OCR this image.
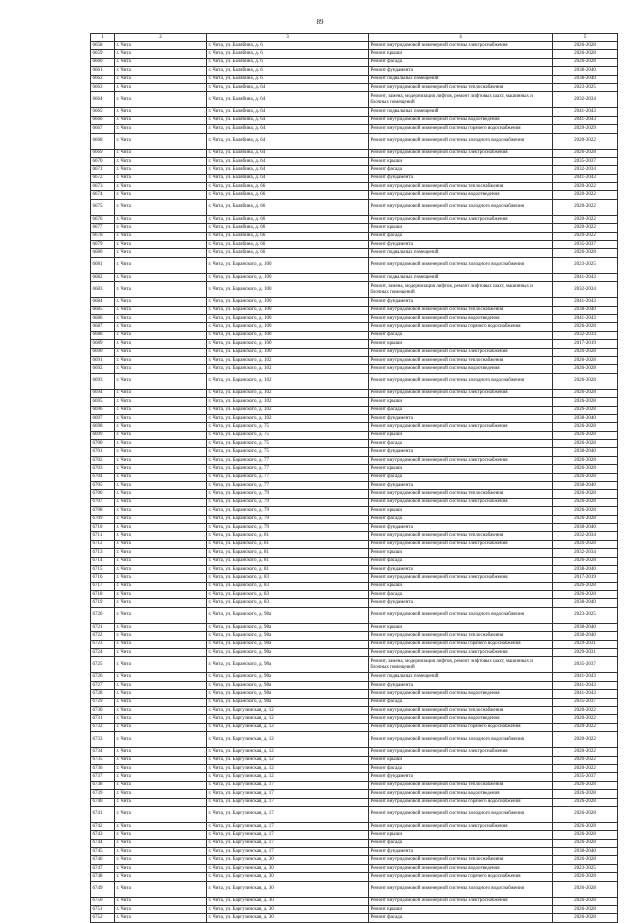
89
1	2	3	4	5
6658	г. Чита	г. Чита, ул. Балябина, д. 6	Ремонт внутридомовой инженерной системы электроснабжения	2026-2028
6659	г. Чита	г. Чита, ул. Балябина, д. 6	Ремонт крыши	2026-2028
6660	г. Чита	г. Чита, ул. Балябина, д. 6	Ремонт фасада	2026-2028
6661	г. Чита	г. Чита, ул. Балябина, д. 6	Ремонт фундамента	2038-2040
6662	г. Чита	г. Чита, ул. Балябина, д. 6	Ремонт подвальных помещений	2038-2040
6663	г. Чита	г. Чита, ул. Балябина, д. 64	Ремонт внутридомовой инженерной системы теплоснабжения	2023-2025
6664	г. Чита	г. Чита, ул. Балябина, д. 64	Ремонт, замена, модернизация лифтов, ремонт лифтовых шахт, машинных и блочных помещений	2032-2034
6665	г. Чита	г. Чита, ул. Балябина, д. 64	Ремонт подвальных помещений	2041-2043
6666	г. Чита	г. Чита, ул. Балябина, д. 64	Ремонт внутридомовой инженерной системы водоотведения	2041-2043
6667	г. Чита	г. Чита, ул. Балябина, д. 64	Ремонт внутридомовой инженерной системы горячего водоснабжения	2029-2029
6668	г. Чита	г. Чита, ул. Балябина, д. 64	Ремонт внутридомовой инженерной системы холодного водоснабжения	2020-2022
6669	г. Чита	г. Чита, ул. Балябина, д. 64	Ремонт внутридомовой инженерной системы электроснабжения	2026-2028
6670	г. Чита	г. Чита, ул. Балябина, д. 64	Ремонт крыши	2035-2037
6671	г. Чита	г. Чита, ул. Балябина, д. 64	Ремонт фасада	2032-2034
6672	г. Чита	г. Чита, ул. Балябина, д. 64	Ремонт фундамента	2041-2043
6673	г. Чита	г. Чита, ул. Балябина, д. 66	Ремонт внутридомовой инженерной системы теплоснабжения	2020-2022
6674	г. Чита	г. Чита, ул. Балябина, д. 66	Ремонт внутридомовой инженерной системы водоотведения	2020-2022
6675	г. Чита	г. Чита, ул. Балябина, д. 66	Ремонт внутридомовой инженерной системы холодного водоснабжения	2020-2022
6676	г. Чита	г. Чита, ул. Балябина, д. 66	Ремонт внутридомовой инженерной системы электроснабжения	2020-2022
6677	г. Чита	г. Чита, ул. Балябина, д. 66	Ремонт крыши	2020-2022
6678	г. Чита	г. Чита, ул. Балябина, д. 66	Ремонт фасада	2020-2022
6679	г. Чита	г. Чита, ул. Балябина, д. 66	Ремонт фундамента	2035-2037
6680	г. Чита	г. Чита, ул. Балябина, д. 66	Ремонт подвальных помещений	2026-2028
6681	г. Чита	г. Чита, ул. Баранского, д. 100	Ремонт внутридомовой инженерной системы холодного водоснабжения	2023-2025
6682	г. Чита	г. Чита, ул. Баранского, д. 100	Ремонт подвальных помещений	2041-2043
6683	г. Чита	г. Чита, ул. Баранского, д. 100	Ремонт, замена, модернизация лифтов, ремонт лифтовых шахт, машинных и блочных помещений	2032-2034
6684	г. Чита	г. Чита, ул. Баранского, д. 100	Ремонт фундамента	2041-2043
6685	г. Чита	г. Чита, ул. Баранского, д. 100	Ремонт внутридомовой инженерной системы теплоснабжения	2038-2040
6686	г. Чита	г. Чита, ул. Баранского, д. 100	Ремонт внутридомовой инженерной системы водоотведения	2041-2043
6687	г. Чита	г. Чита, ул. Баранского, д. 100	Ремонт внутридомовой инженерной системы горячего водоснабжения	2026-2028
6688	г. Чита	г. Чита, ул. Баранского, д. 100	Ремонт фасада	2032-2034
6689	г. Чита	г. Чита, ул. Баранского, д. 100	Ремонт крыши	2017-2019
6690	г. Чита	г. Чита, ул. Баранского, д. 100	Ремонт внутридомовой инженерной системы электроснабжения	2026-2028
6691	г. Чита	г. Чита, ул. Баранского, д. 102	Ремонт внутридомовой инженерной системы теплоснабжения	2026-2028
6692	г. Чита	г. Чита, ул. Баранского, д. 102	Ремонт внутридомовой инженерной системы водоотведения	2026-2028
6693	г. Чита	г. Чита, ул. Баранского, д. 102	Ремонт внутридомовой инженерной системы холодного водоснабжения	2026-2028
6694	г. Чита	г. Чита, ул. Баранского, д. 102	Ремонт внутридомовой инженерной системы электроснабжения	2026-2028
6695	г. Чита	г. Чита, ул. Баранского, д. 102	Ремонт крыши	2026-2028
6696	г. Чита	г. Чита, ул. Баранского, д. 102	Ремонт фасада	2026-2028
6697	г. Чита	г. Чита, ул. Баранского, д. 102	Ремонт фундамента	2038-2040
6698	г. Чита	г. Чита, ул. Баранского, д. 75	Ремонт внутридомовой инженерной системы электроснабжения	2026-2028
6699	г. Чита	г. Чита, ул. Баранского, д. 75	Ремонт крыши	2026-2028
6700	г. Чита	г. Чита, ул. Баранского, д. 75	Ремонт фасада	2026-2028
6701	г. Чита	г. Чита, ул. Баранского, д. 75	Ремонт фундамента	2038-2040
6702	г. Чита	г. Чита, ул. Баранского, д. 77	Ремонт внутридомовой инженерной системы электроснабжения	2026-2028
6703	г. Чита	г. Чита, ул. Баранского, д. 77	Ремонт крыши	2026-2028
6704	г. Чита	г. Чита, ул. Баранского, д. 77	Ремонт фасада	2026-2028
6705	г. Чита	г. Чита, ул. Баранского, д. 77	Ремонт фундамента	2038-2040
6706	г. Чита	г. Чита, ул. Баранского, д. 79	Ремонт внутридомовой инженерной системы теплоснабжения	2026-2028
6707	г. Чита	г. Чита, ул. Баранского, д. 79	Ремонт внутридомовой инженерной системы электроснабжения	2026-2028
6708	г. Чита	г. Чита, ул. Баранского, д. 79	Ремонт крыши	2026-2028
6709	г. Чита	г. Чита, ул. Баранского, д. 79	Ремонт фасада	2026-2028
6710	г. Чита	г. Чита, ул. Баранского, д. 79	Ремонт фундамента	2038-2040
6711	г. Чита	г. Чита, ул. Баранского, д. 81	Ремонт внутридомовой инженерной системы теплоснабжения	2032-2034
6712	г. Чита	г. Чита, ул. Баранского, д. 81	Ремонт внутридомовой инженерной системы электроснабжения	2026-2028
6713	г. Чита	г. Чита, ул. Баранского, д. 81	Ремонт крыши	2032-2034
6714	г. Чита	г. Чита, ул. Баранского, д. 81	Ремонт фасада	2026-2028
6715	г. Чита	г. Чита, ул. Баранского, д. 81	Ремонт фундамента	2038-2040
6716	г. Чита	г. Чита, ул. Баранского, д. 83	Ремонт внутридомовой инженерной системы электроснабжения	2017-2019
6717	г. Чита	г. Чита, ул. Баранского, д. 83	Ремонт крыши	2026-2028
6718	г. Чита	г. Чита, ул. Баранского, д. 83	Ремонт фасада	2026-2028
6719	г. Чита	г. Чита, ул. Баранского, д. 83	Ремонт фундамента	2038-2040
6720	г. Чита	г. Чита, ул. Баранского, д. 98а	Ремонт внутридомовой инженерной системы холодного водоснабжения	2023-2025
6721	г. Чита	г. Чита, ул. Баранского, д. 98а	Ремонт крыши	2038-2040
6722	г. Чита	г. Чита, ул. Баранского, д. 98а	Ремонт внутридомовой инженерной системы теплоснабжения	2038-2040
6723	г. Чита	г. Чита, ул. Баранского, д. 98а	Ремонт внутридомовой инженерной системы горячего водоснабжения	2029-2031
6724	г. Чита	г. Чита, ул. Баранского, д. 98а	Ремонт внутридомовой инженерной системы электроснабжения	2029-2031
6725	г. Чита	г. Чита, ул. Баранского, д. 98а	Ремонт, замена, модернизация лифтов, ремонт лифтовых шахт, машинных и блочных помещений	2035-2037
6726	г. Чита	г. Чита, ул. Баранского, д. 98а	Ремонт подвальных помещений	2041-2043
6727	г. Чита	г. Чита, ул. Баранского, д. 98а	Ремонт фундамента	2041-2043
6728	г. Чита	г. Чита, ул. Баранского, д. 98а	Ремонт внутридомовой инженерной системы водоотведения	2041-2043
6729	г. Чита	г. Чита, ул. Баранского, д. 98а	Ремонт фасада	2035-2037
6730	г. Чита	г. Чита, ул. Баргузинская, д. 12	Ремонт внутридомовой инженерной системы теплоснабжения	2020-2022
6731	г. Чита	г. Чита, ул. Баргузинская, д. 12	Ремонт внутридомовой инженерной системы водоотведения	2020-2022
6732	г. Чита	г. Чита, ул. Баргузинская, д. 12	Ремонт внутридомовой инженерной системы горячего водоснабжения	2020-2022
6733	г. Чита	г. Чита, ул. Баргузинская, д. 12	Ремонт внутридомовой инженерной системы холодного водоснабжения	2020-2022
6734	г. Чита	г. Чита, ул. Баргузинская, д. 12	Ремонт внутридомовой инженерной системы электроснабжения	2020-2022
6735	г. Чита	г. Чита, ул. Баргузинская, д. 12	Ремонт крыши	2020-2022
6736	г. Чита	г. Чита, ул. Баргузинская, д. 12	Ремонт фасада	2020-2022
6737	г. Чита	г. Чита, ул. Баргузинская, д. 12	Ремонт фундамента	2035-2037
6738	г. Чита	г. Чита, ул. Баргузинская, д. 17	Ремонт внутридомовой инженерной системы теплоснабжения	2026-2028
6739	г. Чита	г. Чита, ул. Баргузинская, д. 17	Ремонт внутридомовой инженерной системы водоотведения	2026-2028
6740	г. Чита	г. Чита, ул. Баргузинская, д. 17	Ремонт внутридомовой инженерной системы горячего водоснабжения	2026-2028
6741	г. Чита	г. Чита, ул. Баргузинская, д. 17	Ремонт внутридомовой инженерной системы холодного водоснабжения	2026-2028
6742	г. Чита	г. Чита, ул. Баргузинская, д. 17	Ремонт внутридомовой инженерной системы электроснабжения	2026-2028
6743	г. Чита	г. Чита, ул. Баргузинская, д. 17	Ремонт крыши	2026-2028
6744	г. Чита	г. Чита, ул. Баргузинская, д. 17	Ремонт фасада	2026-2028
6745	г. Чита	г. Чита, ул. Баргузинская, д. 17	Ремонт фундамента	2038-2040
6746	г. Чита	г. Чита, ул. Баргузинская, д. 30	Ремонт внутридомовой инженерной системы теплоснабжения	2026-2028
6747	г. Чита	г. Чита, ул. Баргузинская, д. 30	Ремонт внутридомовой инженерной системы водоотведения	2023-2025
6748	г. Чита	г. Чита, ул. Баргузинская, д. 30	Ремонт внутридомовой инженерной системы горячего водоснабжения	2026-2028
6749	г. Чита	г. Чита, ул. Баргузинская, д. 30	Ремонт внутридомовой инженерной системы холодного водоснабжения	2026-2028
6750	г. Чита	г. Чита, ул. Баргузинская, д. 30	Ремонт внутридомовой инженерной системы электроснабжения	2026-2028
6751	г. Чита	г. Чита, ул. Баргузинская, д. 30	Ремонт крыши	2026-2028
6752	г. Чита	г. Чита, ул. Баргузинская, д. 30	Ремонт фасада	2026-2028
